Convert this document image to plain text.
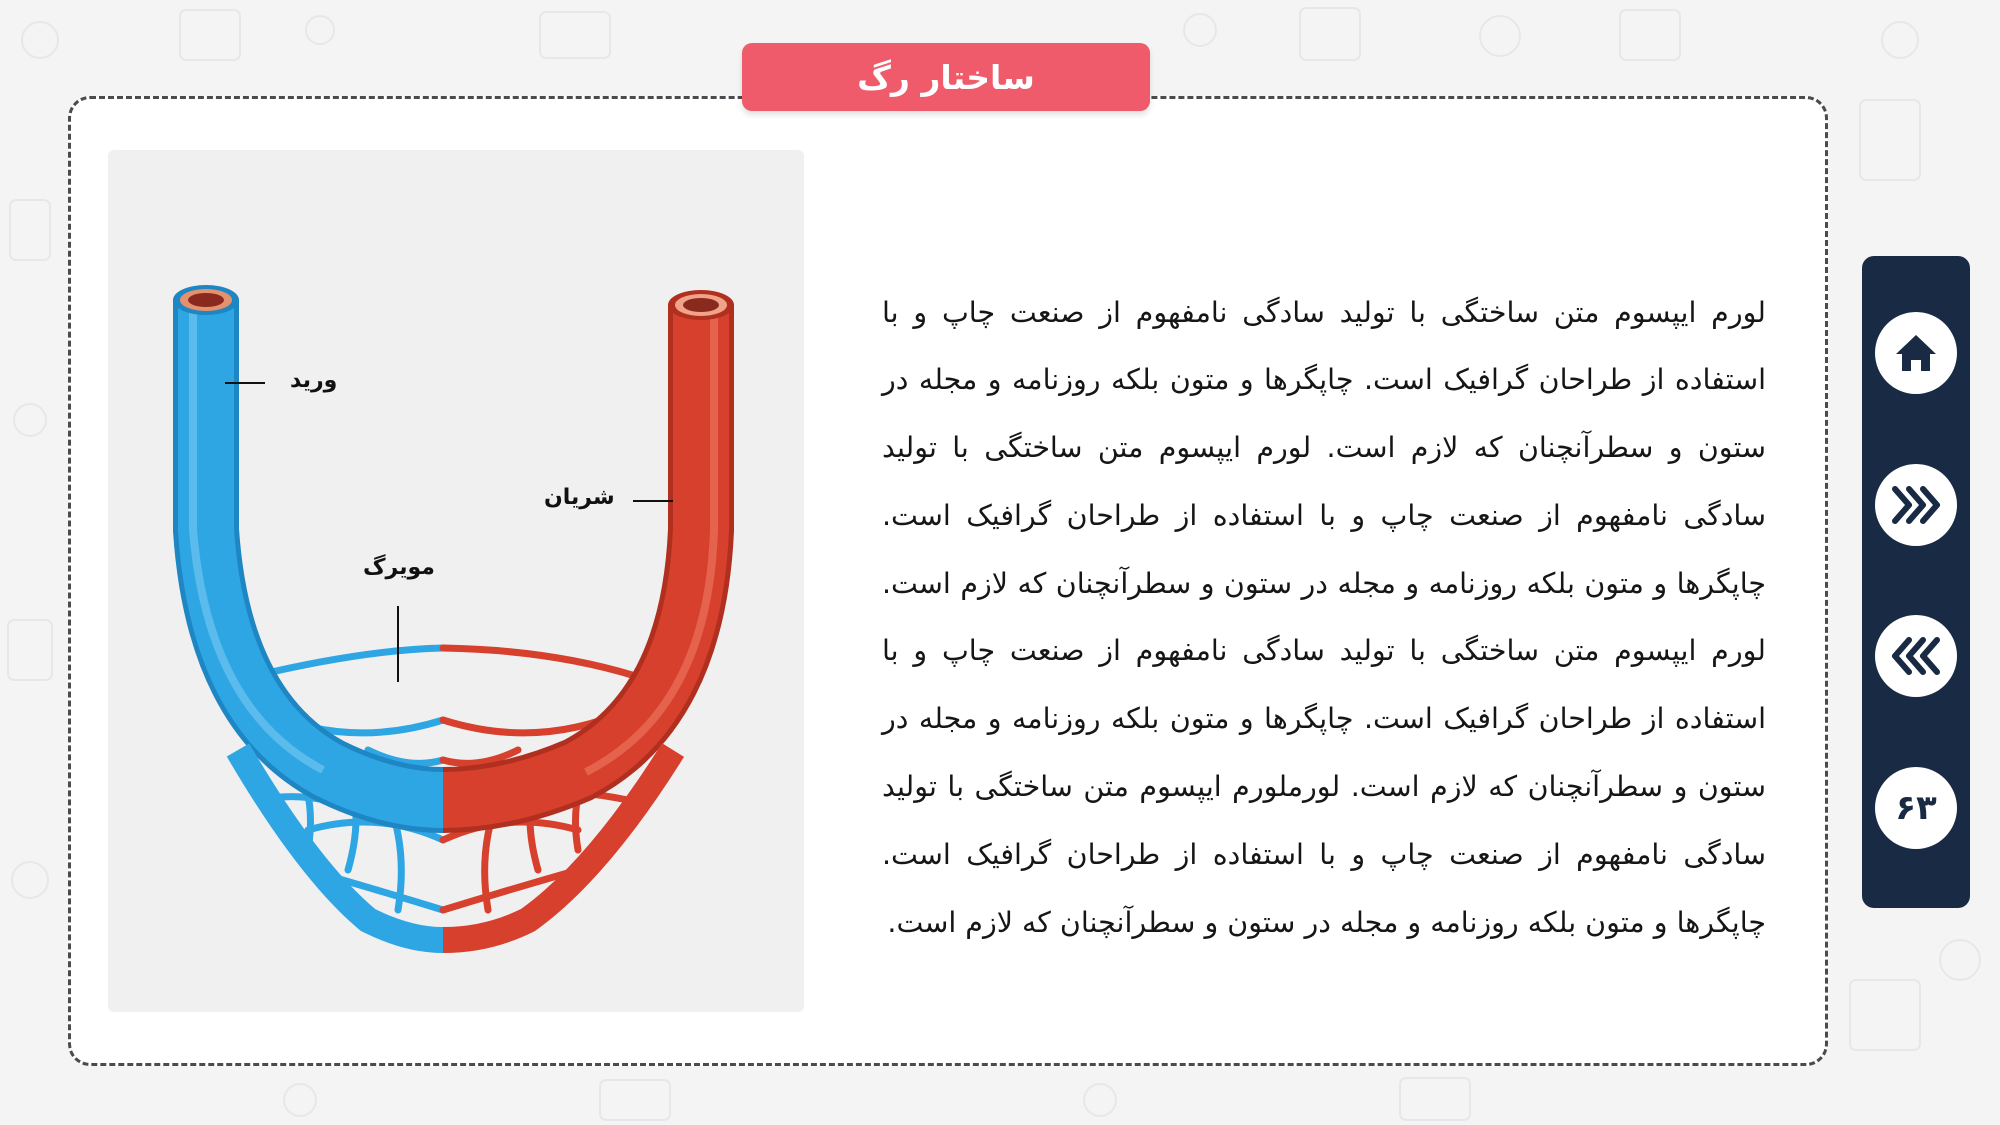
ساختار رگ
ورید
شریان
مویرگ

لورم ایپسوم متن ساختگی با تولید سادگی نامفهوم از صنعت چاپ و با استفاده از طراحان گرافیک است. چاپگرها و متون بلکه روزنامه و مجله در ستون و سطرآنچنان که لازم است. لورم ایپسوم متن ساختگی با تولید سادگی نامفهوم از صنعت چاپ و با استفاده از طراحان گرافیک است. چاپگرها و متون بلکه روزنامه و مجله در ستون و سطرآنچنان که لازم است. لورم ایپسوم متن ساختگی با تولید سادگی نامفهوم از صنعت چاپ و با استفاده از طراحان گرافیک است. چاپگرها و متون بلکه روزنامه و مجله در ستون و سطرآنچنان که لازم است. لورملورم ایپسوم متن ساختگی با تولید سادگی نامفهوم از صنعت چاپ و با استفاده از طراحان گرافیک است. چاپگرها و متون بلکه روزنامه و مجله در ستون و سطرآنچنان که لازم است.

۶۳
